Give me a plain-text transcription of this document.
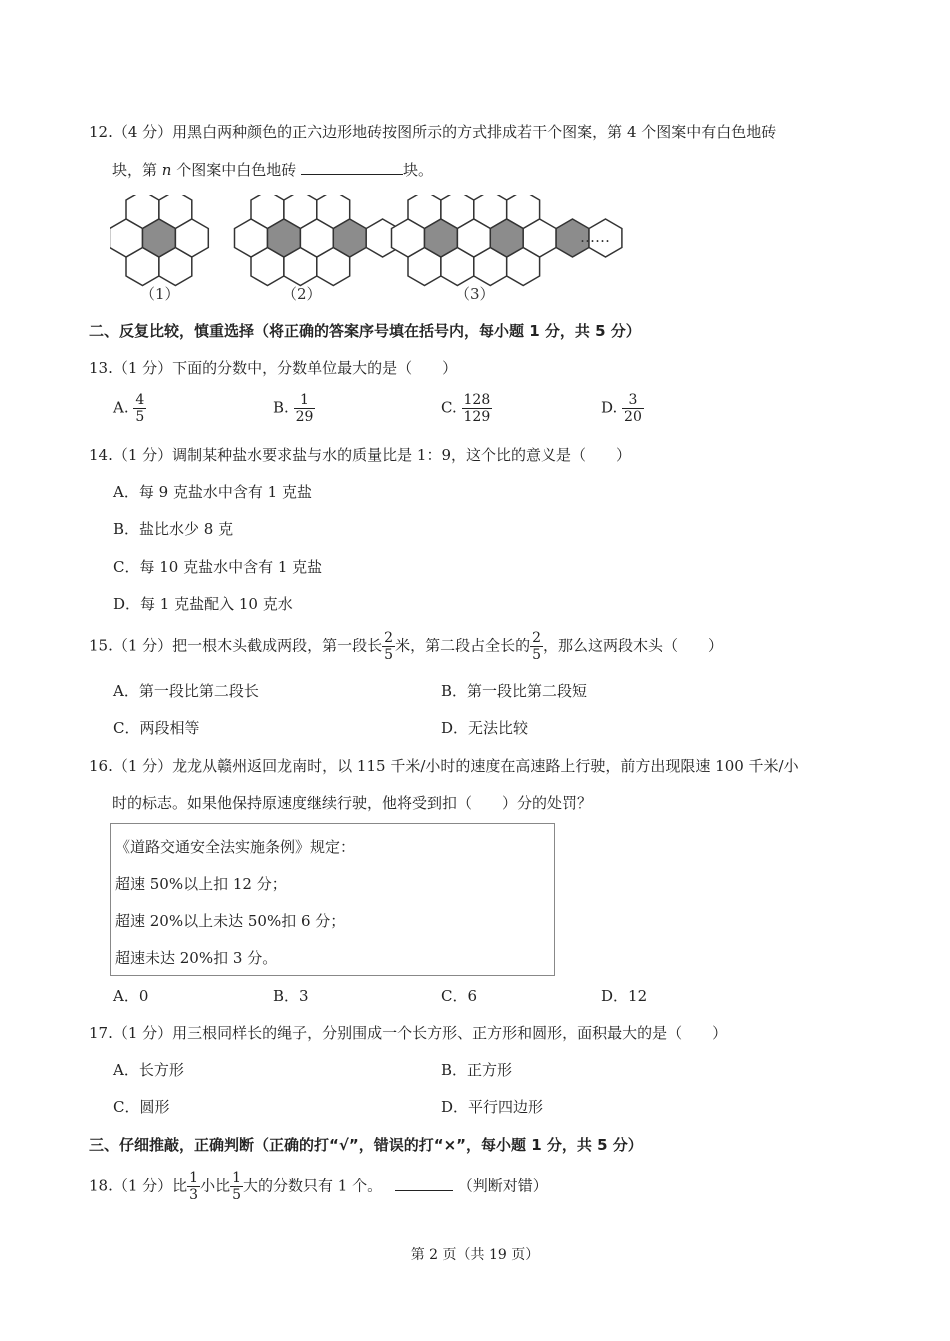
12.（4 分）用黑白两种颜色的正六边形地砖按图所示的方式排成若干个图案，第 4 个图案中有白色地砖
块，第 n 个图案中白色地砖	块。
（1）	（2）	（3）
……
二、反复比较，慎重选择（将正确的答案序号填在括号内，每小题 1 分，共 5 分）
13.（1 分）下面的分数中，分数单位最大的是（　　）
A. $\frac{4}{5}$	B. $\frac{1}{29}$	C. $\frac{128}{129}$	D. $\frac{3}{20}$
14.（1 分）调制某种盐水要求盐与水的质量比是 1：9，这个比的意义是（　　）
A．每 9 克盐水中含有 1 克盐
B．盐比水少 8 克
C．每 10 克盐水中含有 1 克盐
D．每 1 克盐配入 10 克水
15.（1 分）把一根木头截成两段，第一段长 $\frac{2}{5}$ 米，第二段占全长的 $\frac{2}{5}$ ，那么这两段木头（　　）
A．第一段比第二段长	B．第一段比第二段短
C．两段相等	D．无法比较
16.（1 分）龙龙从赣州返回龙南时，以 115 千米/小时的速度在高速路上行驶，前方出现限速 100 千米/小
时的标志。如果他保持原速度继续行驶，他将受到扣（　　）分的处罚？
《道路交通安全法实施条例》规定：
超速 50%以上扣 12 分；
超速 20%以上未达 50%扣 6 分；
超速未达 20%扣 3 分。
A．0	B．3	C．6	D．12
17.（1 分）用三根同样长的绳子，分别围成一个长方形、正方形和圆形，面积最大的是（　　）
A．长方形	B．正方形
C．圆形	D．平行四边形
三、仔细推敲，正确判断（正确的打“√”，错误的打“×”，每小题 1 分，共 5 分）
18.（1 分）比 $\frac{1}{3}$ 小比 $\frac{1}{5}$ 大的分数只有 1 个。	（判断对错）
第 2 页（共 19 页）
